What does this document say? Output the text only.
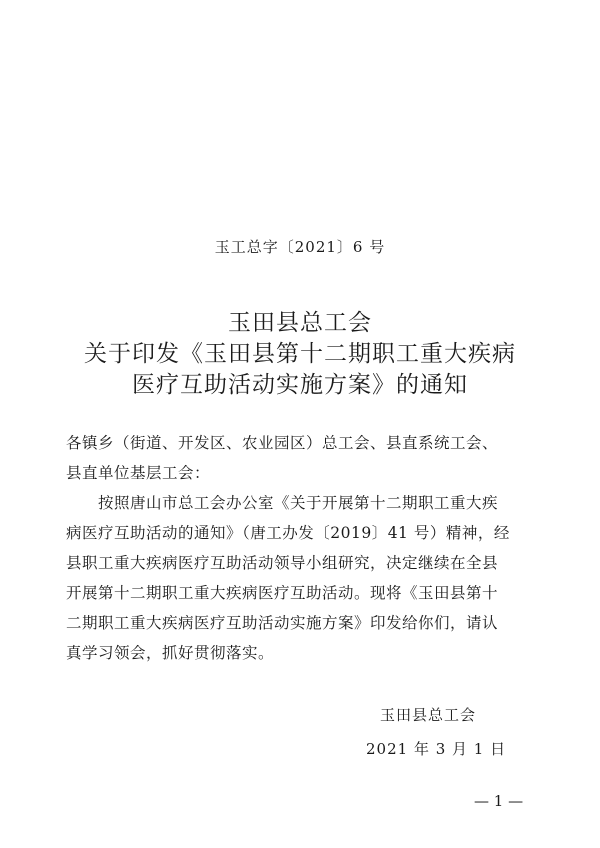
玉工总字〔2021〕6 号
玉田县总工会
关于印发《玉田县第十二期职工重大疾病
医疗互助活动实施方案》的通知
各镇乡（街道、开发区、农业园区）总工会、县直系统工会、
县直单位基层工会：
按照唐山市总工会办公室《关于开展第十二期职工重大疾
病医疗互助活动的通知》（唐工办发〔2019〕41 号）精神，经
县职工重大疾病医疗互助活动领导小组研究，决定继续在全县
开展第十二期职工重大疾病医疗互助活动。现将《玉田县第十
二期职工重大疾病医疗互助活动实施方案》印发给你们，请认
真学习领会，抓好贯彻落实。
玉田县总工会
2021 年 3 月 1 日
— 1 —
